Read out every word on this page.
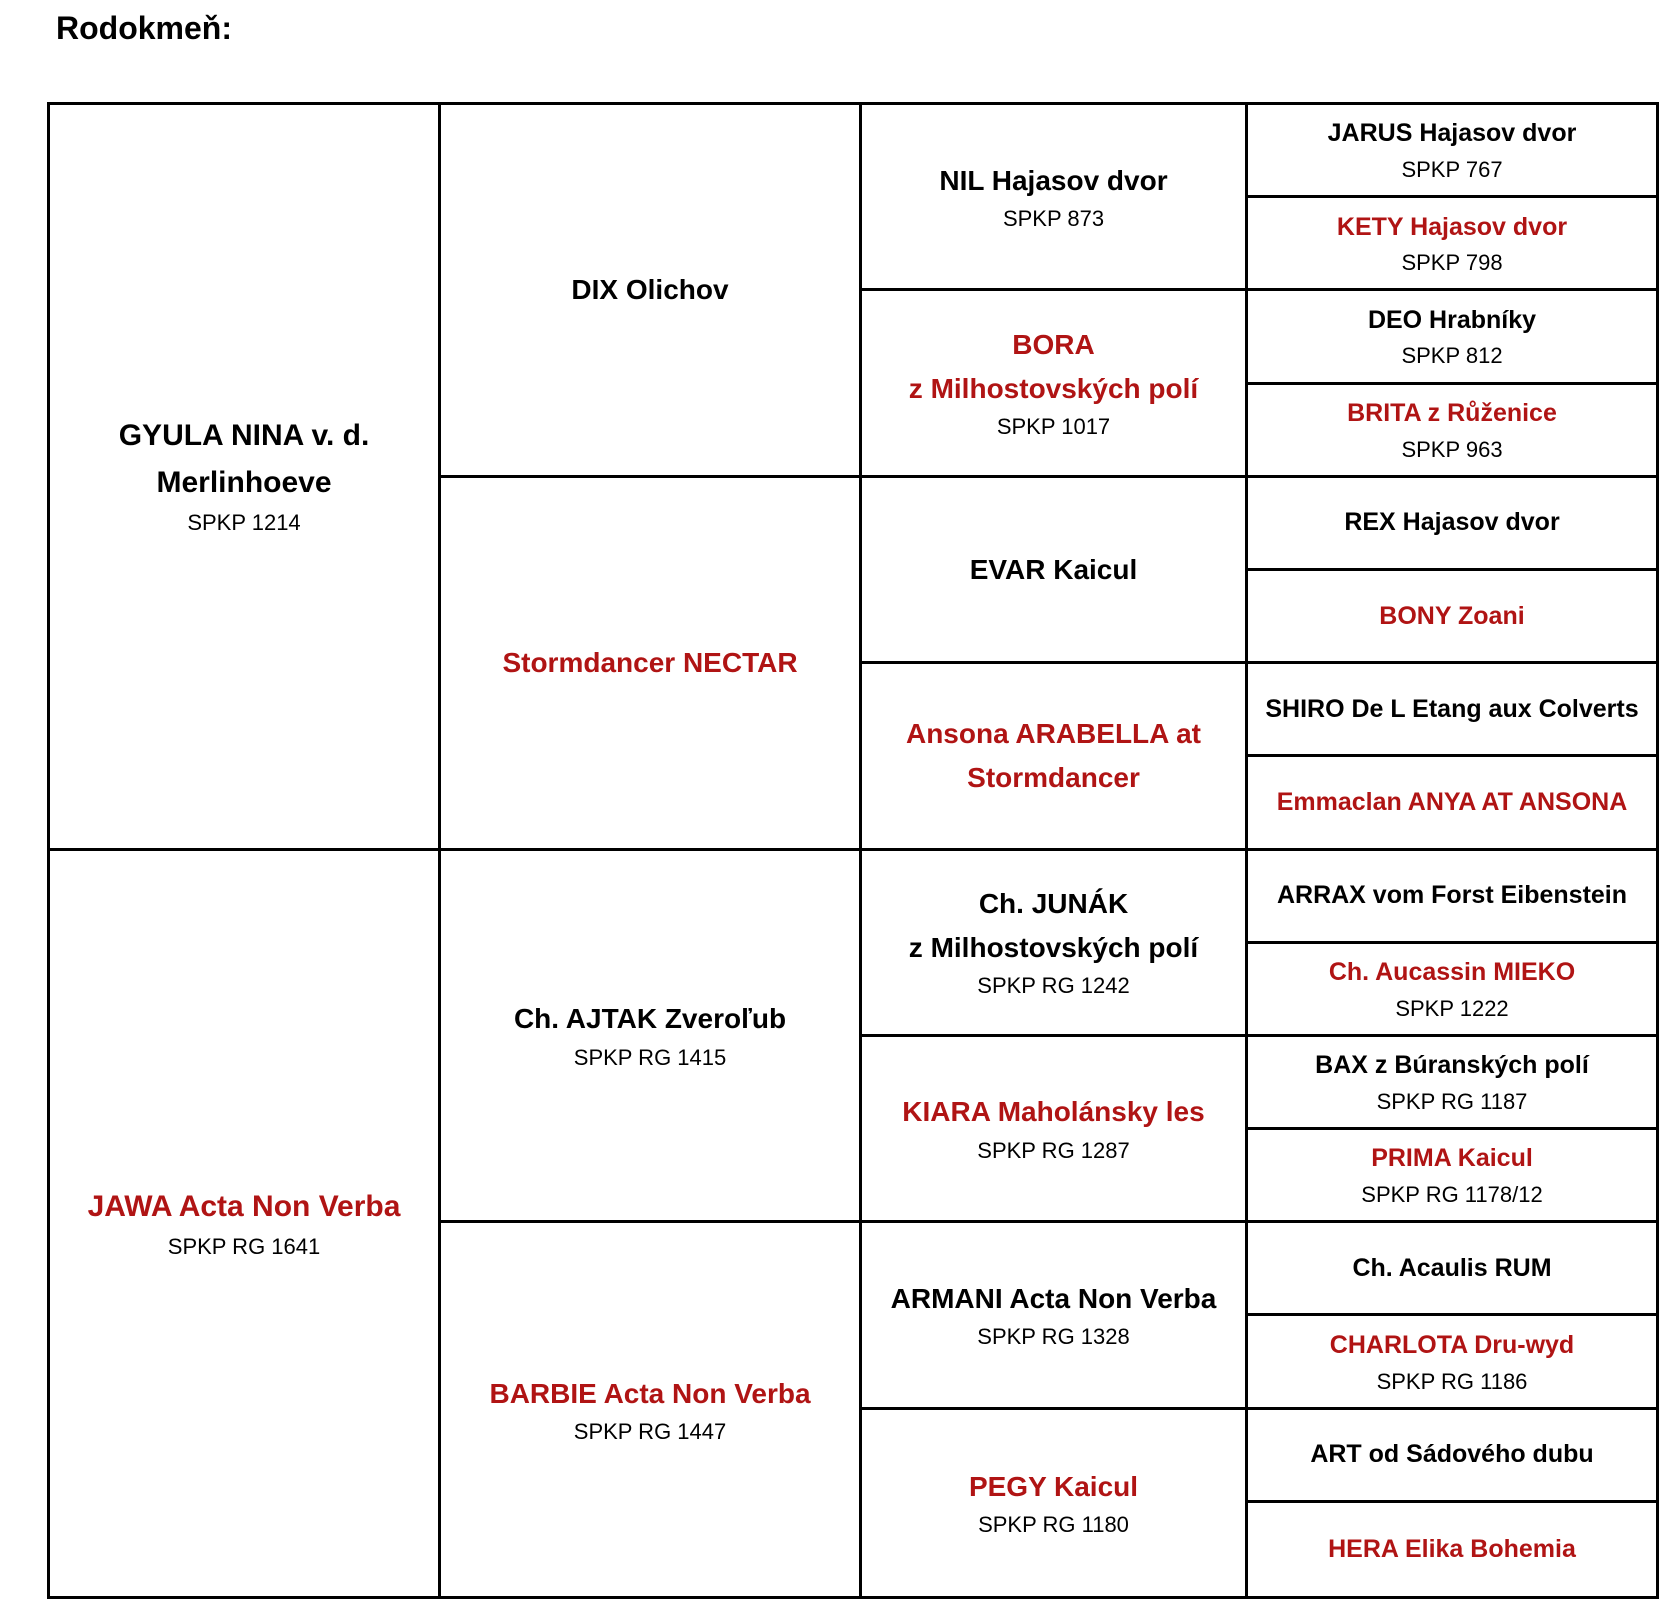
Rodokmeň:
GYULA NINA v. d. Merlinhoeve
SPKP 1214
JAWA Acta Non Verba
SPKP RG 1641
DIX Olichov
Stormdancer NECTAR
Ch. AJTAK Zveroľub
SPKP RG 1415
BARBIE Acta Non Verba
SPKP RG 1447
NIL Hajasov dvor
SPKP 873
BORA
z Milhostovských polí
SPKP 1017
EVAR Kaicul
Ansona ARABELLA at
Stormdancer
Ch. JUNÁK
z Milhostovských polí
SPKP RG 1242
KIARA Maholánsky les
SPKP RG 1287
ARMANI Acta Non Verba
SPKP RG 1328
PEGY Kaicul
SPKP RG 1180
JARUS Hajasov dvor
SPKP 767
KETY Hajasov dvor
SPKP 798
DEO Hrabníky
SPKP 812
BRITA z Růženice
SPKP 963
REX Hajasov dvor
BONY Zoani
SHIRO De L Etang aux Colverts
Emmaclan ANYA AT ANSONA
ARRAX vom Forst Eibenstein
Ch. Aucassin MIEKO
SPKP 1222
BAX z Búranských polí
SPKP RG 1187
PRIMA Kaicul
SPKP RG 1178/12
Ch. Acaulis RUM
CHARLOTA Dru-wyd
SPKP RG 1186
ART od Sádového dubu
HERA Elika Bohemia
